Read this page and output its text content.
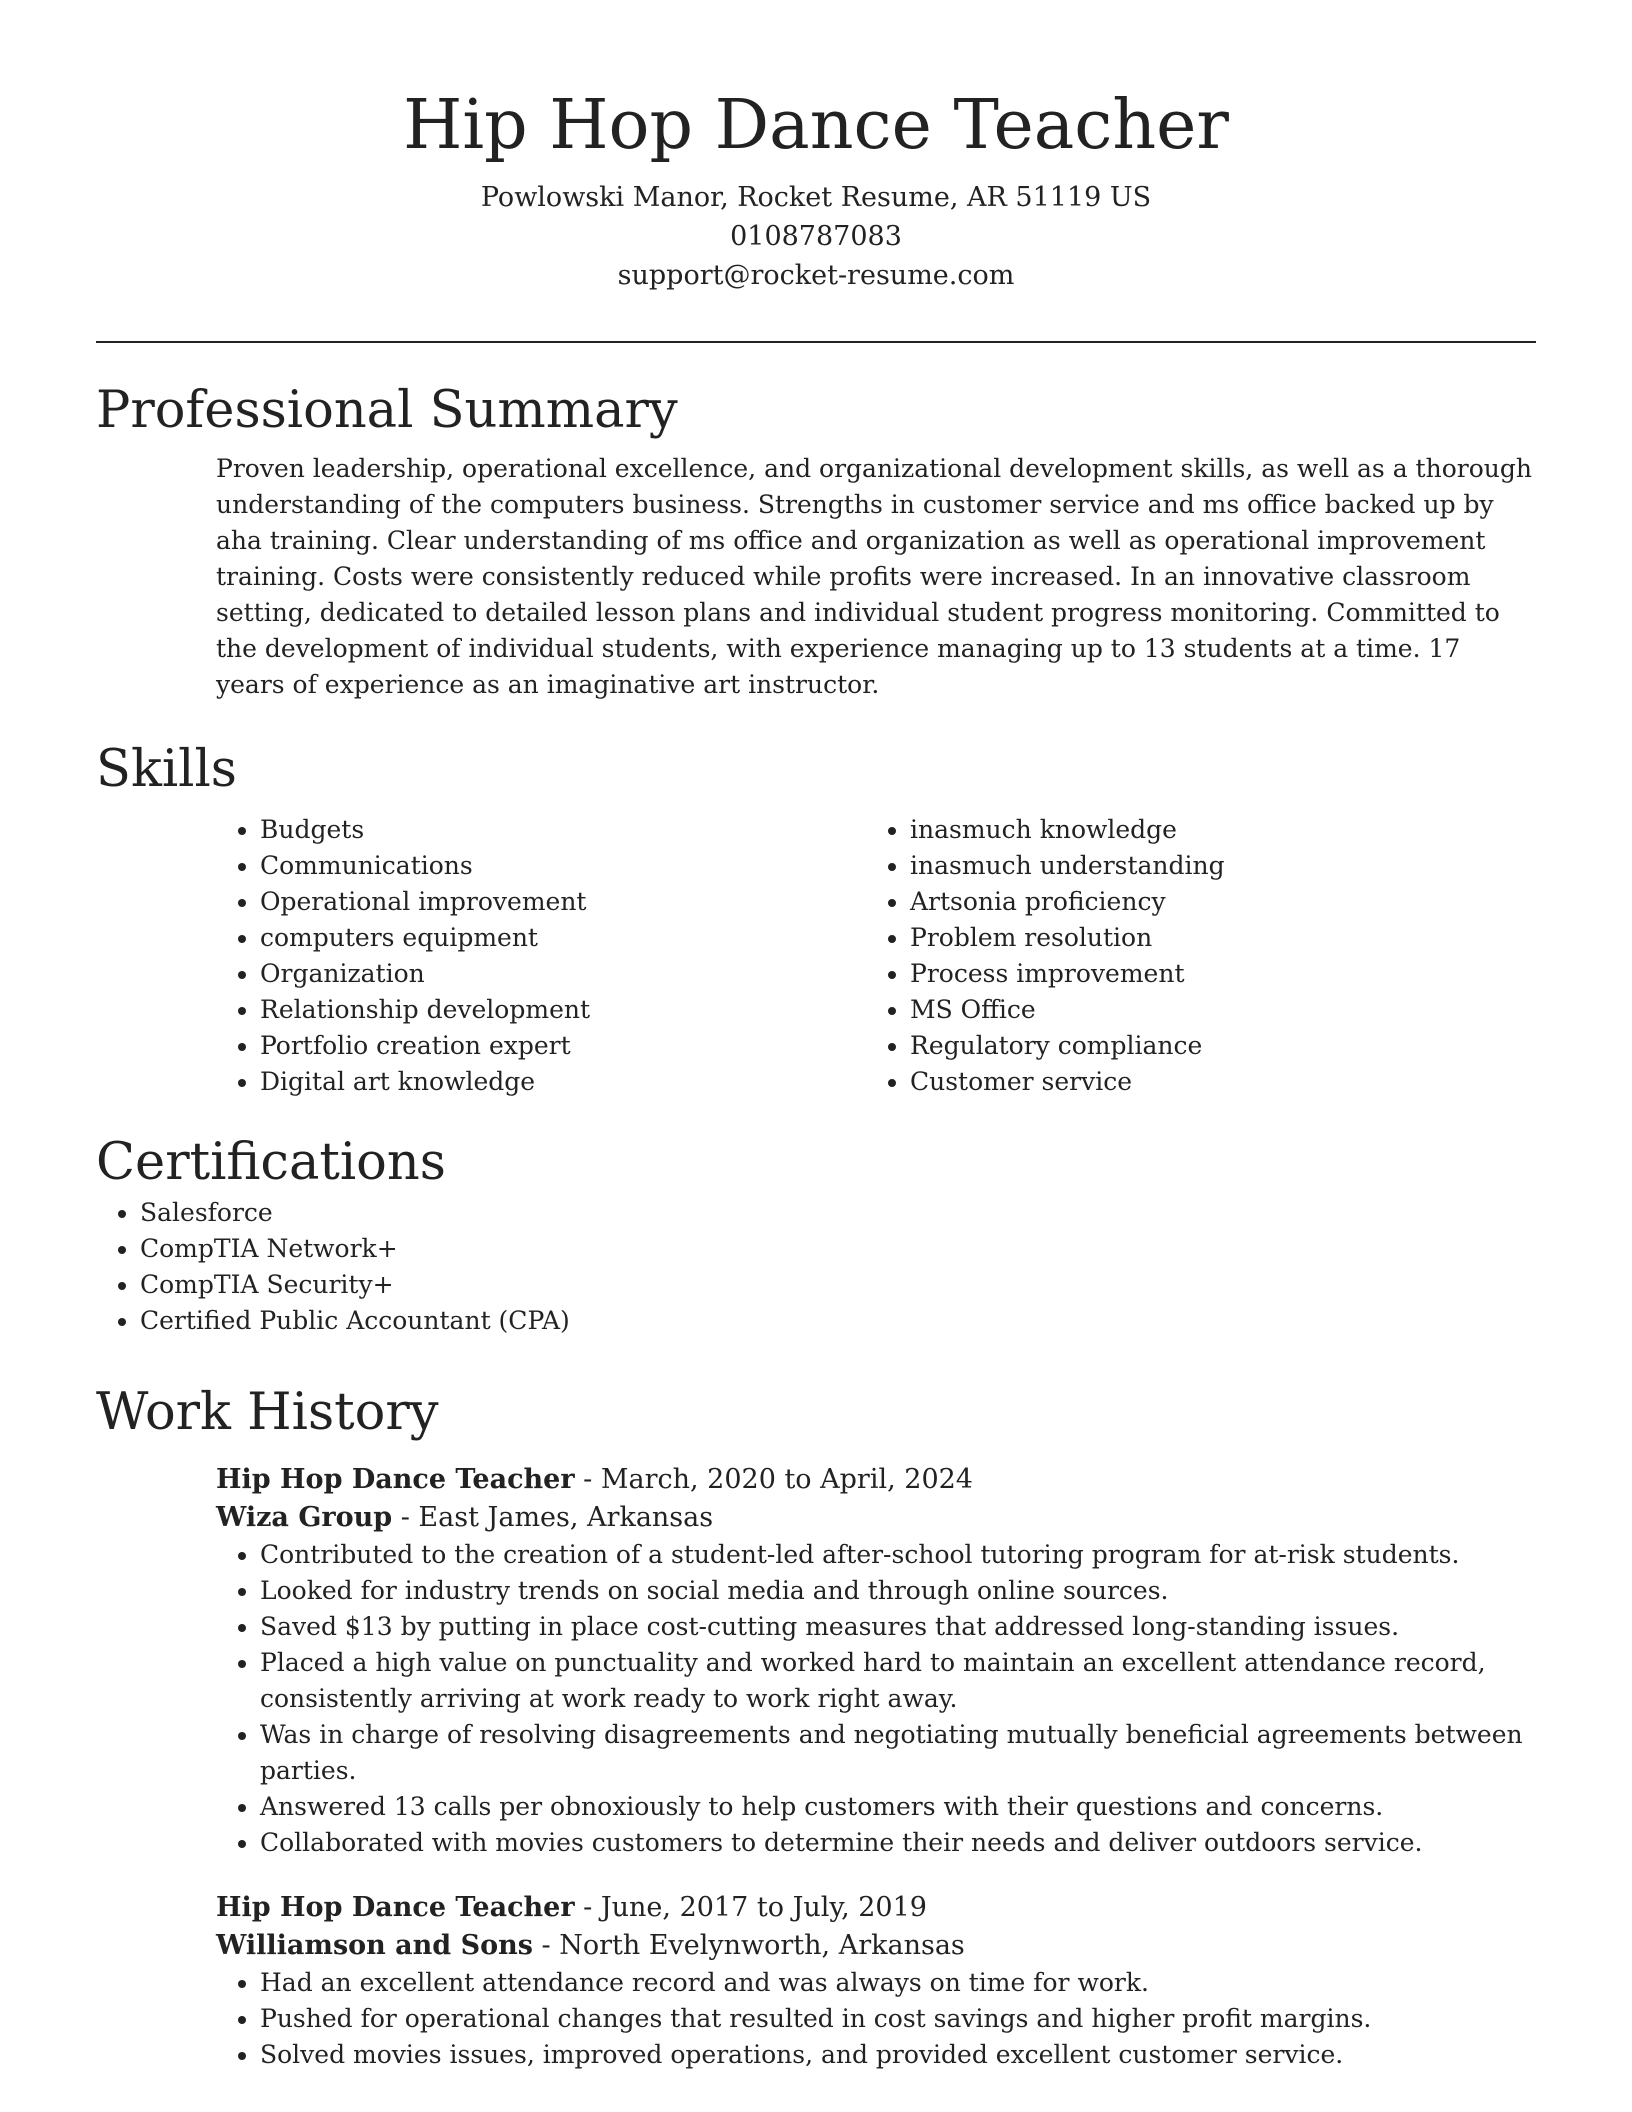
Hip Hop Dance Teacher

Powlowski Manor, Rocket Resume, AR 51119 US

0108787083

support@rocket-resume.com

Professional Summary

Proven leadership, operational excellence, and organizational development skills, as well as a thorough understanding of the computers business. Strengths in customer service and ms office backed up by aha training. Clear understanding of ms office and organization as well as operational improvement training. Costs were consistently reduced while profits were increased. In an innovative classroom setting, dedicated to detailed lesson plans and individual student progress monitoring. Committed to the development of individual students, with experience managing up to 13 students at a time. 17 years of experience as an imaginative art instructor.

Skills
• Budgets
• Communications
• Operational improvement
• computers equipment
• Organization
• Relationship development
• Portfolio creation expert
• Digital art knowledge
• inasmuch knowledge
• inasmuch understanding
• Artsonia proficiency
• Problem resolution
• Process improvement
• MS Office
• Regulatory compliance
• Customer service
Certifications
• Salesforce
• CompTIA Network+
• CompTIA Security+
• Certified Public Accountant (CPA)
Work History

Hip Hop Dance Teacher - March, 2020 to April, 2024

Wiza Group - East James, Arkansas

• Contributed to the creation of a student-led after-school tutoring program for at-risk students.
• Looked for industry trends on social media and through online sources.
• Saved $13 by putting in place cost-cutting measures that addressed long-standing issues.
• Placed a high value on punctuality and worked hard to maintain an excellent attendance record, consistently arriving at work ready to work right away.
• Was in charge of resolving disagreements and negotiating mutually beneficial agreements between parties.
• Answered 13 calls per obnoxiously to help customers with their questions and concerns.
• Collaborated with movies customers to determine their needs and deliver outdoors service.

Hip Hop Dance Teacher - June, 2017 to July, 2019

Williamson and Sons - North Evelynworth, Arkansas

• Had an excellent attendance record and was always on time for work.
• Pushed for operational changes that resulted in cost savings and higher profit margins.
• Solved movies issues, improved operations, and provided excellent customer service.
